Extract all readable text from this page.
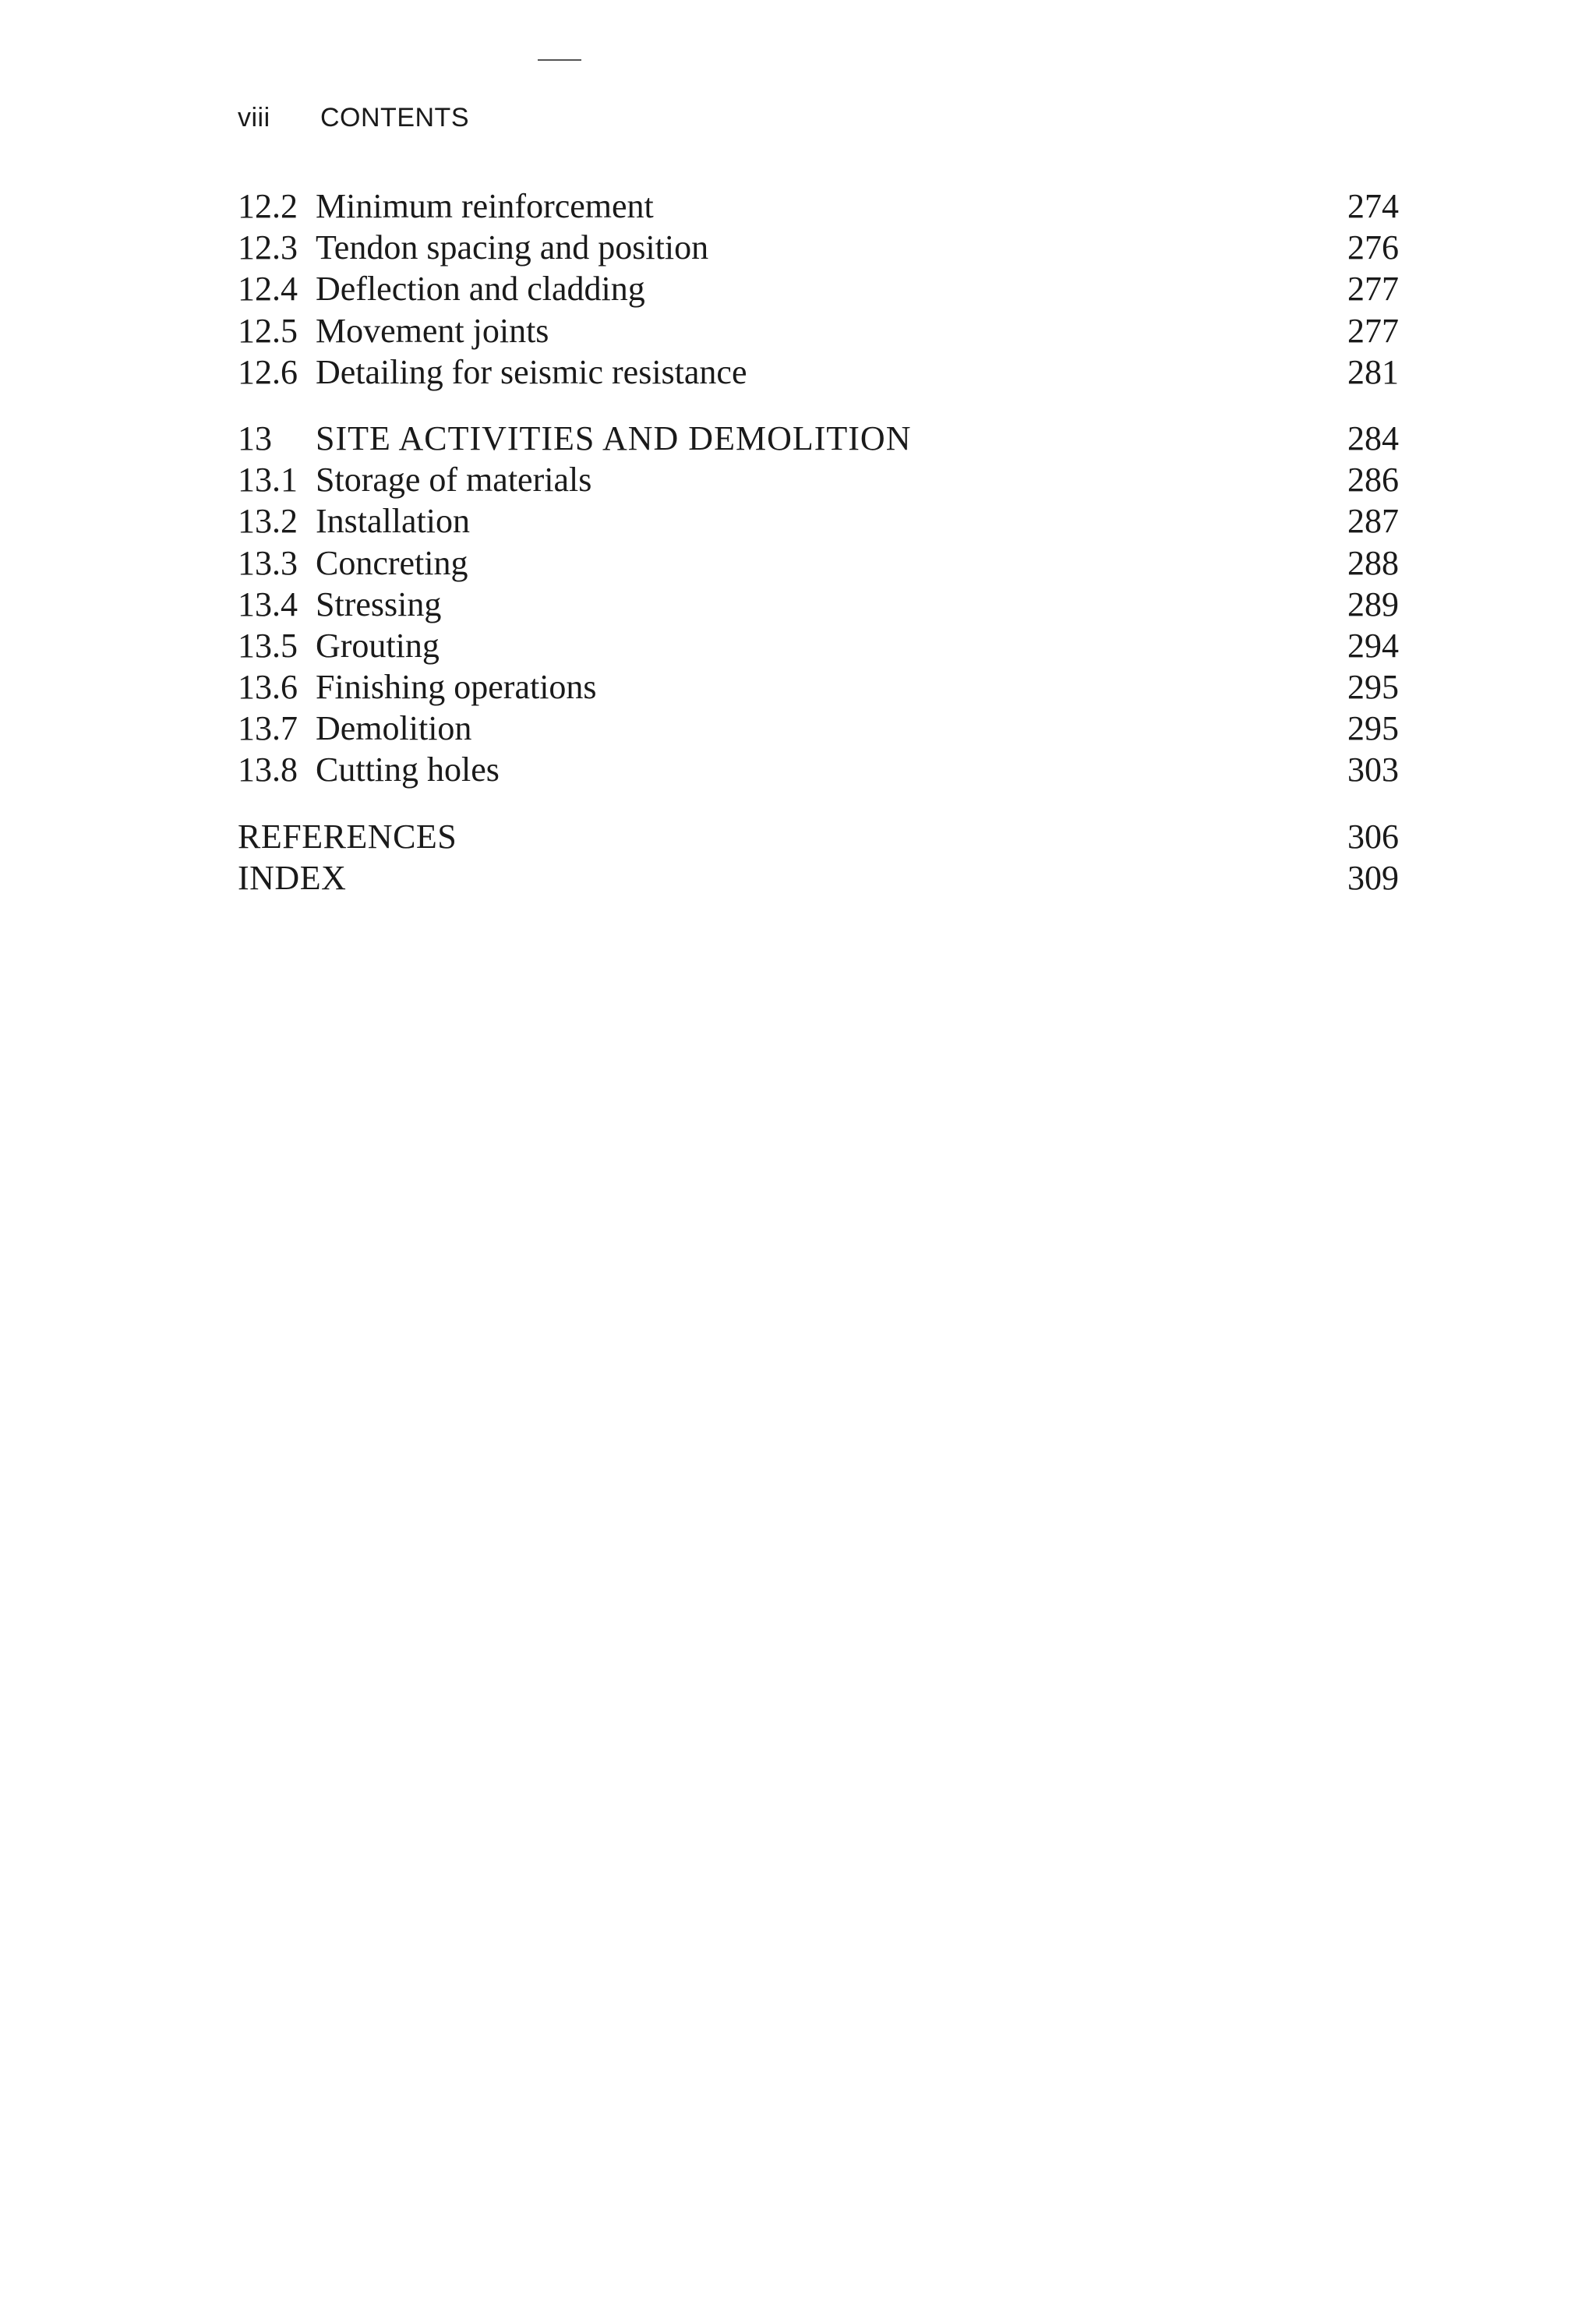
viii CONTENTS
12.2 Minimum reinforcement	274
12.3 Tendon spacing and position	276
12.4 Deflection and cladding	277
12.5 Movement joints	277
12.6 Detailing for seismic resistance	281
13 SITE ACTIVITIES AND DEMOLITION	284
13.1 Storage of materials	286
13.2 Installation	287
13.3 Concreting	288
13.4 Stressing	289
13.5 Grouting	294
13.6 Finishing operations	295
13.7 Demolition	295
13.8 Cutting holes	303
REFERENCES	306
INDEX	309
